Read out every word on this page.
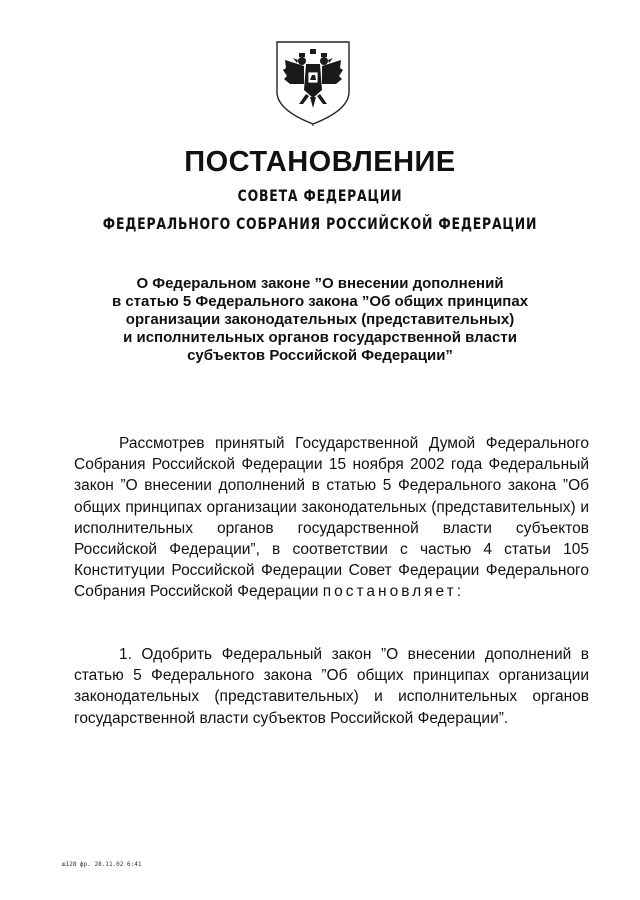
ПОСТАНОВЛЕНИЕ
СОВЕТА ФЕДЕРАЦИИ
ФЕДЕРАЛЬНОГО СОБРАНИЯ РОССИЙСКОЙ ФЕДЕРАЦИИ
О Федеральном законе ”О внесении дополнений
в статью 5 Федерального закона ”Об общих принципах
организации законодательных (представительных)
и исполнительных органов государственной власти
субъектов Российской Федерации”

Рассмотрев принятый Государственной Думой Федерального Собрания Российской Федерации 15 ноября 2002 года Федеральный закон ”О внесении дополнений в статью 5 Федерального закона ”Об общих принципах организации законодательных (представительных) и исполнительных органов государственной власти субъектов Российской Федерации”, в соответствии с частью 4 статьи 105 Конституции Российской Федерации Совет Федерации Федерального Собрания Российской Федерации постановляет:

1. Одобрить Федеральный закон ”О внесении дополнений в статью 5 Федерального закона ”Об общих принципах организации законодательных (представительных) и исполнительных органов государственной власти субъектов Российской Федерации”.

ш128 фр. 28.11.02 6:41
